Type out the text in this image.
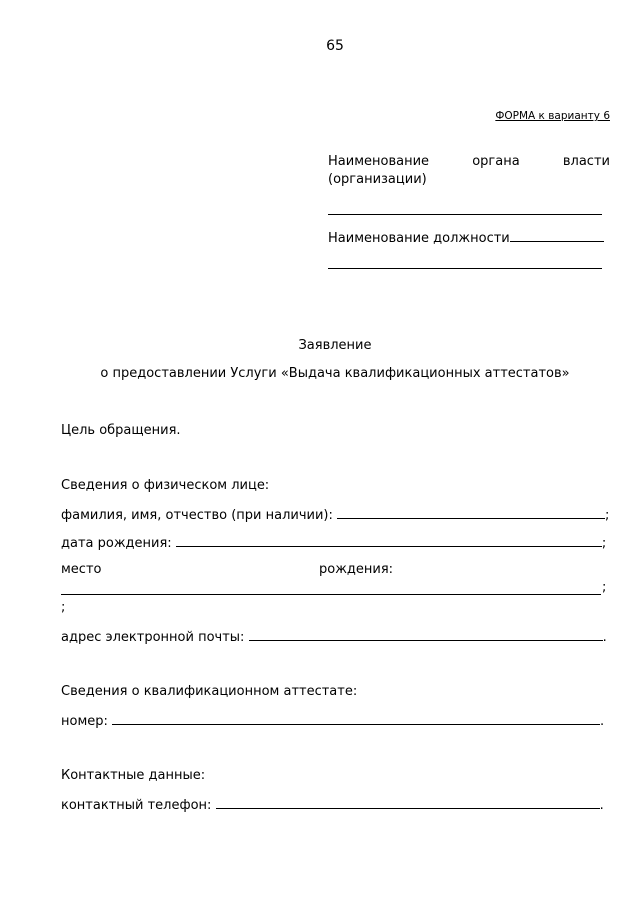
65
ФОРМА к варианту 6
Наименование	органа	власти
(организации)
Наименование должности
Заявление
о предоставлении Услуги «Выдача квалификационных аттестатов»
Цель обращения.
Сведения о физическом лице:
фамилия, имя, отчество (при наличии):	;
дата рождения:	;
место	рождения:
;
;
адрес электронной почты:	.
Сведения о квалификационном аттестате:
номер:	.
Контактные данные:
контактный телефон:	.
